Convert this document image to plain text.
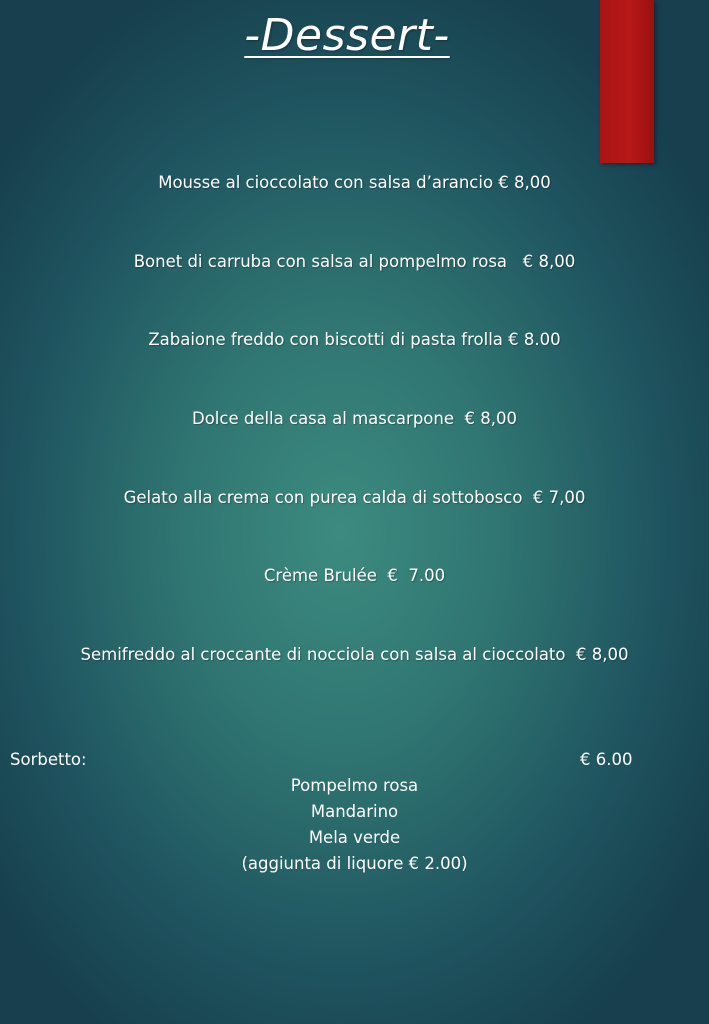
-Dessert-
Mousse al cioccolato con salsa d’arancio € 8,00
Bonet di carruba con salsa al pompelmo rosa   € 8,00
Zabaione freddo con biscotti di pasta frolla € 8.00
Dolce della casa al mascarpone  € 8,00
Gelato alla crema con purea calda di sottobosco  € 7,00
Crème Brulée  €  7.00
Semifreddo al croccante di nocciola con salsa al cioccolato  € 8,00
Sorbetto:	€ 6.00
Pompelmo rosa
Mandarino
Mela verde
(aggiunta di liquore € 2.00)
